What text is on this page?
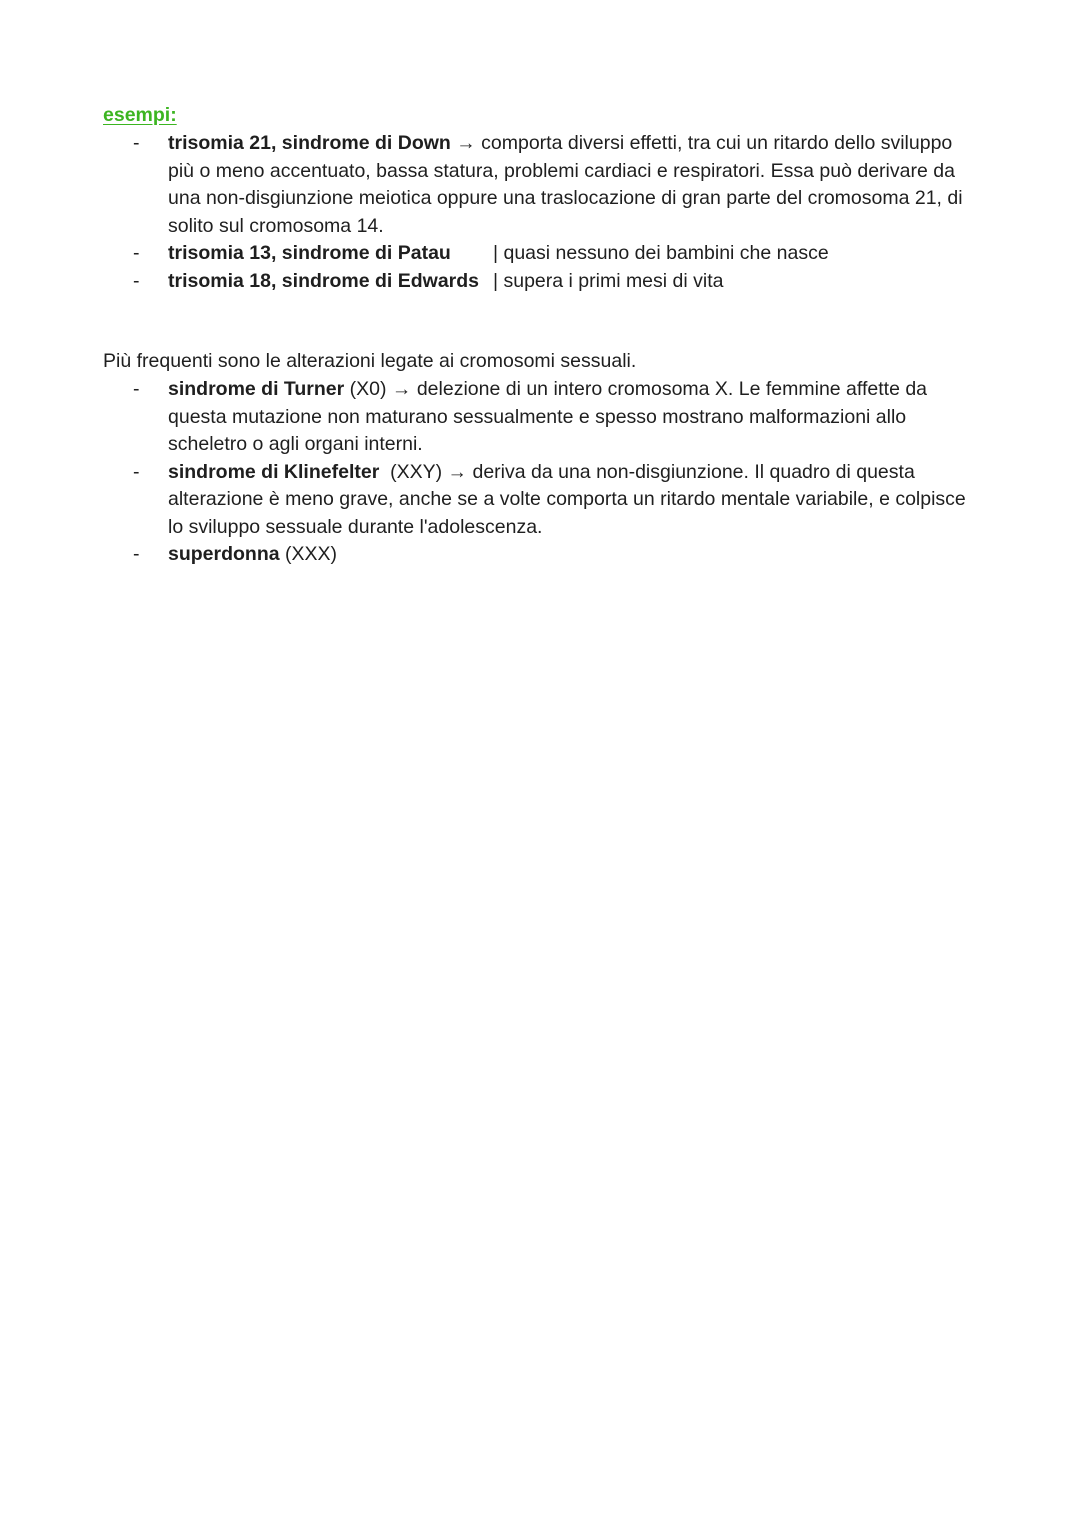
esempi:

- trisomia 21, sindrome di Down → comporta diversi effetti, tra cui un ritardo dello sviluppo più o meno accentuato, bassa statura, problemi cardiaci e respiratori. Essa può derivare da una non-disgiunzione meiotica oppure una traslocazione di gran parte del cromosoma 21, di solito sul cromosoma 14.
- trisomia 13, sindrome di Patau	| quasi nessuno dei bambini che nasce
- trisomia 18, sindrome di Edwards | supera i primi mesi di vita

Più frequenti sono le alterazioni legate ai cromosomi sessuali.

- sindrome di Turner (X0) → delezione di un intero cromosoma X. Le femmine affette da questa mutazione non maturano sessualmente e spesso mostrano malformazioni allo scheletro o agli organi interni.
- sindrome di Klinefelter  (XXY) → deriva da una non-disgiunzione. Il quadro di questa alterazione è meno grave, anche se a volte comporta un ritardo mentale variabile, e colpisce lo sviluppo sessuale durante l'adolescenza.
- superdonna (XXX)
